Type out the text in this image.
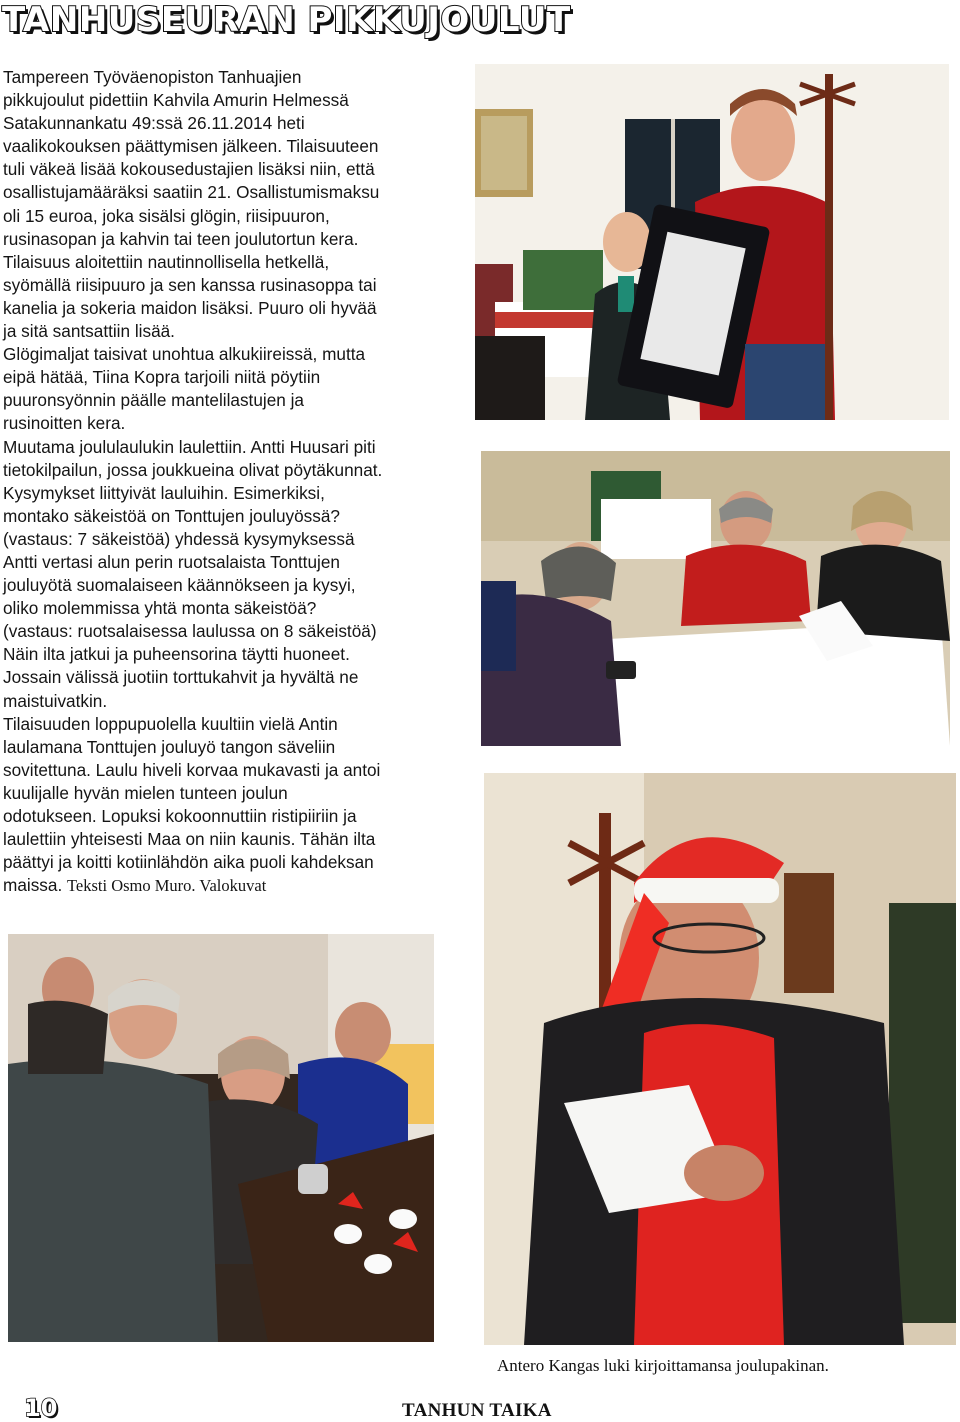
TANHUSEURAN PIKKUJOULUT

Tampereen Työväenopiston Tanhuajien

pikkujoulut pidettiin Kahvila Amurin Helmessä

Satakunnankatu 49:ssä 26.11.2014 heti

vaalikokouksen päättymisen jälkeen. Tilaisuuteen

tuli väkeä lisää kokousedustajien lisäksi niin, että

osallistujamääräksi saatiin 21. Osallistumismaksu

oli 15 euroa, joka sisälsi glögin, riisipuuron,

rusinasopan ja kahvin tai teen joulutortun kera.

Tilaisuus aloitettiin nautinnollisella hetkellä,

syömällä riisipuuro ja sen kanssa rusinasoppa tai

kanelia ja sokeria maidon lisäksi. Puuro oli hyvää

ja sitä santsattiin lisää.

Glögimaljat taisivat unohtua alkukiireissä, mutta

eipä hätää, Tiina Kopra tarjoili niitä pöytiin

puuronsyönnin päälle mantelilastujen ja

rusinoitten kera.

Muutama joululaulukin laulettiin. Antti Huusari piti

tietokilpailun, jossa joukkueina olivat pöytäkunnat.

Kysymykset liittyivät lauluihin. Esimerkiksi,

montako säkeistöä on Tonttujen jouluyössä?

(vastaus: 7 säkeistöä) yhdessä kysymyksessä

Antti vertasi alun perin ruotsalaista Tonttujen

jouluyötä suomalaiseen käännökseen ja kysyi,

oliko molemmissa yhtä monta säkeistöä?

(vastaus: ruotsalaisessa laulussa on 8 säkeistöä)

Näin ilta jatkui ja puheensorina täytti huoneet.

Jossain välissä juotiin torttukahvit ja hyvältä ne

maistuivatkin.

Tilaisuuden loppupuolella kuultiin vielä Antin

laulamana Tonttujen jouluyö tangon säveliin

sovitettuna. Laulu hiveli korvaa mukavasti ja antoi

kuulijalle hyvän mielen tunteen joulun

odotukseen. Lopuksi kokoonnuttiin ristipiiriin ja

laulettiin yhteisesti Maa on niin kaunis. Tähän ilta

päättyi ja koitti kotiinlähdön aika puoli kahdeksan

maissa. Teksti Osmo Muro. Valokuvat

Antero Kangas luki kirjoittamansa joulupakinan.
10	TANHUN TAIKA
